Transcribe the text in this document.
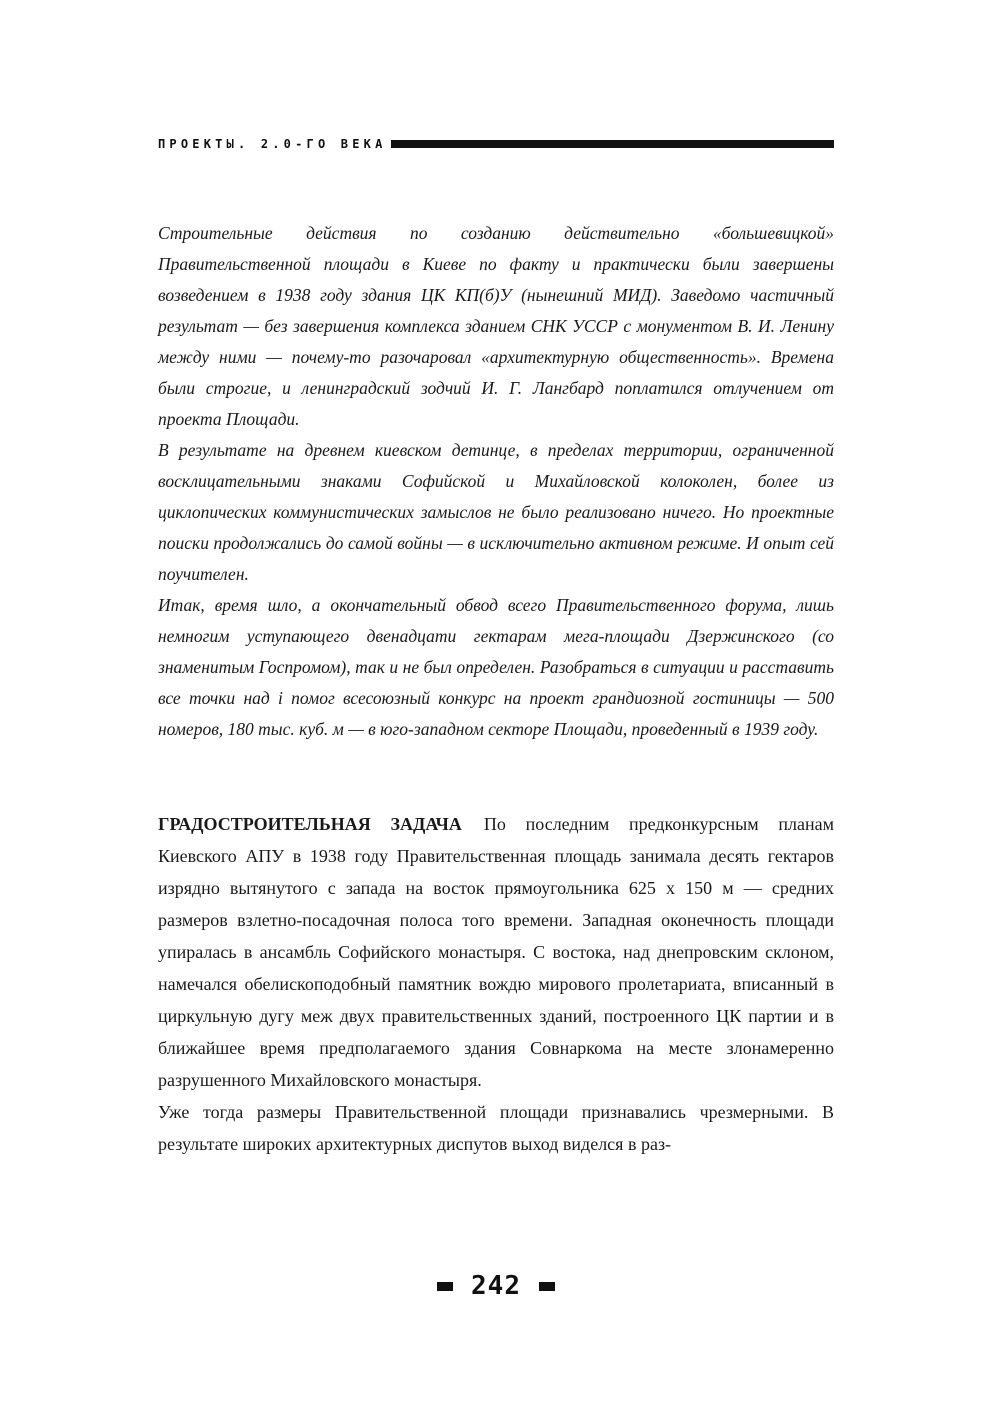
ПРОЕКТЫ. 2.0-ГО ВЕКА

Строительные действия по созданию действительно «большевицкой» Правительственной площади в Киеве по факту и практически были завершены возведением в 1938 году здания ЦК КП(б)У (нынешний МИД). Заведомо частичный результат — без завершения комплекса зданием СНК УССР с монументом В. И. Ленину между ними — почему-то разочаровал «архитектурную общественность». Времена были строгие, и ленинградский зодчий И. Г. Лангбард поплатился отлучением от проекта Площади.

В результате на древнем киевском детинце, в пределах территории, ограниченной восклицательными знаками Софийской и Михайловской колоколен, более из циклопических коммунистических замыслов не было реализовано ничего. Но проектные поиски продолжались до самой войны — в исключительно активном режиме. И опыт сей поучителен.

Итак, время шло, а окончательный обвод всего Правительственного форума, лишь немногим уступающего двенадцати гектарам мега-площади Дзержинского (со знаменитым Госпромом), так и не был определен. Разобраться в ситуации и расставить все точки над і помог всесоюзный конкурс на проект грандиозной гостиницы — 500 номеров, 180 тыс. куб. м — в юго-западном секторе Площади, проведенный в 1939 году.

ГРАДОСТРОИТЕЛЬНАЯ ЗАДАЧА По последним предконкурсным планам Киевского АПУ в 1938 году Правительственная площадь занимала десять гектаров изрядно вытянутого с запада на восток прямоугольника 625 х 150 м — средних размеров взлетно-посадочная полоса того времени. Западная оконечность площади упиралась в ансамбль Софийского монастыря. С востока, над днепровским склоном, намечался обелископодобный памятник вождю мирового пролетариата, вписанный в циркульную дугу меж двух правительственных зданий, построенного ЦК партии и в ближайшее время предполагаемого здания Совнаркома на месте злонамеренно разрушенного Михайловского монастыря.

Уже тогда размеры Правительственной площади признавались чрезмерными. В результате широких архитектурных диспутов выход виделся в раз-

242
